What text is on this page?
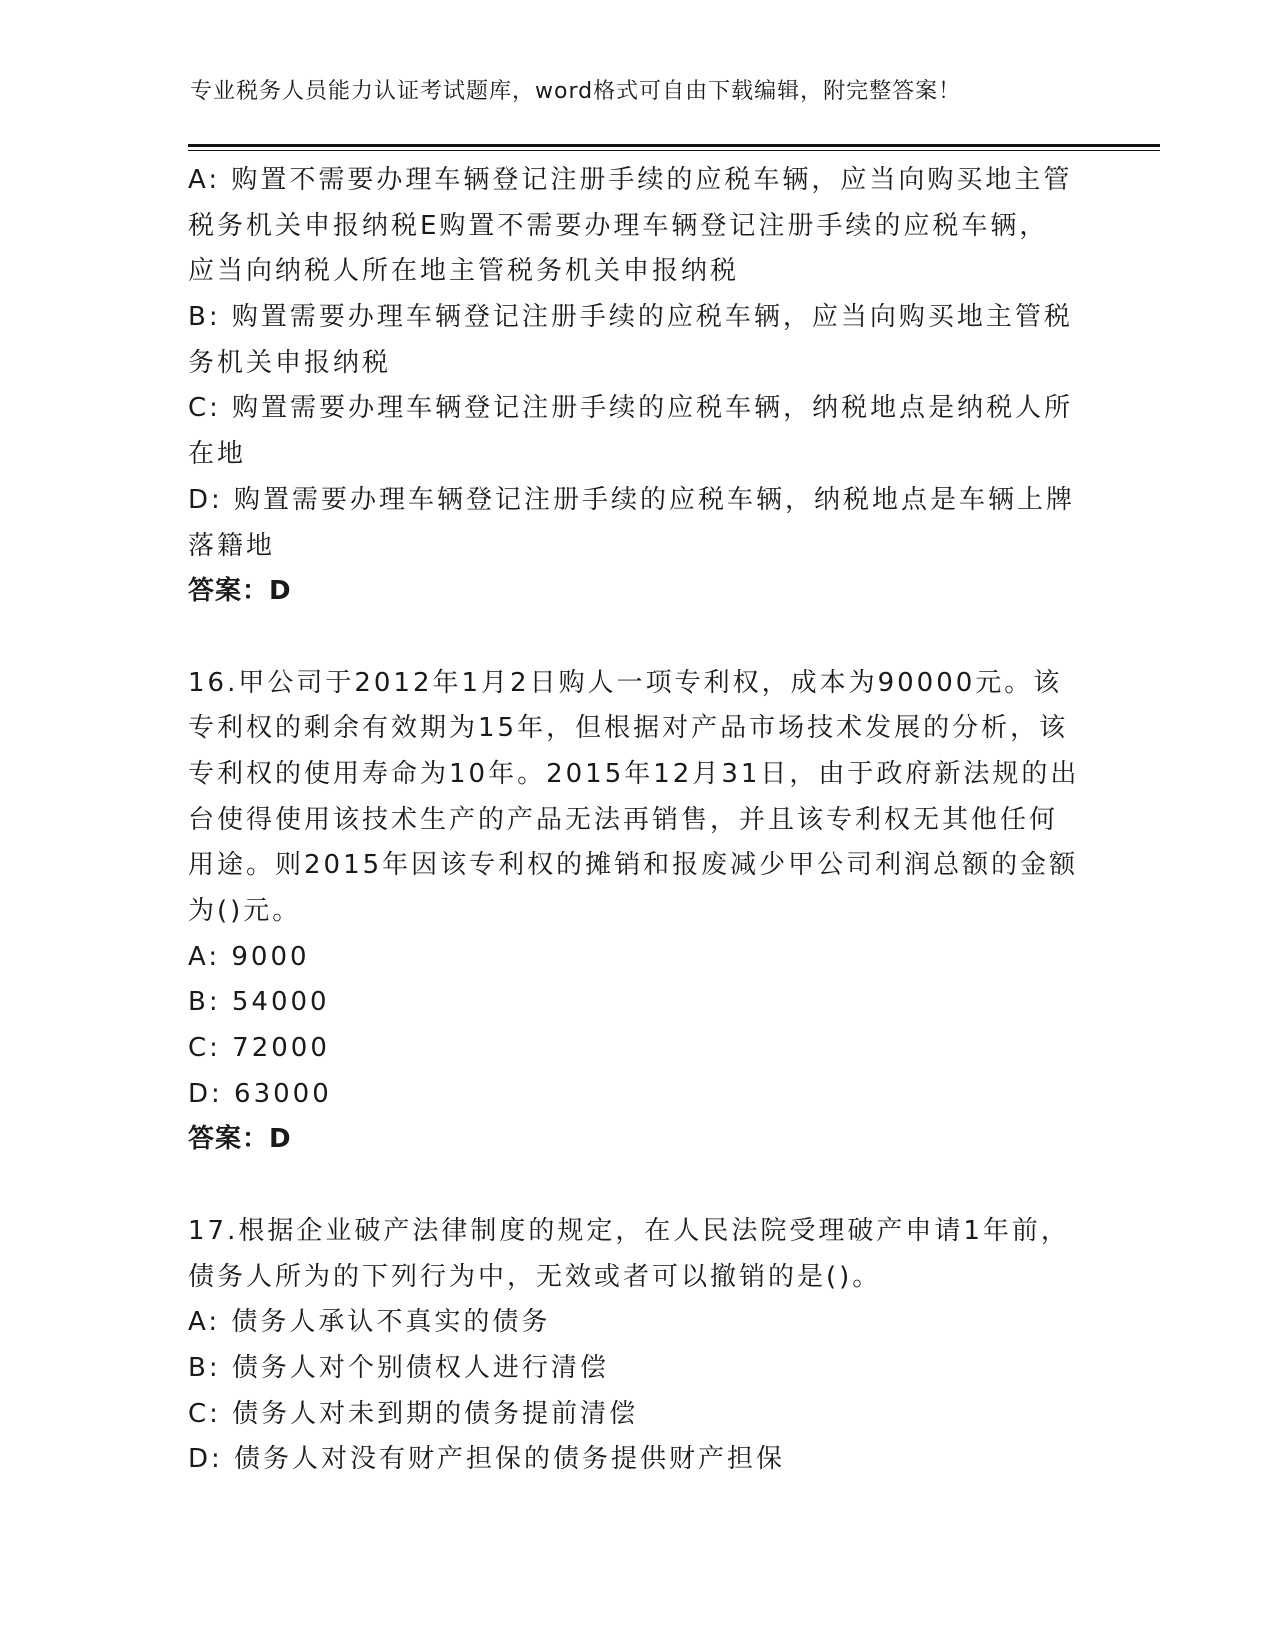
专业税务人员能力认证考试题库，word格式可自由下载编辑，附完整答案！
A: 购置不需要办理车辆登记注册手续的应税车辆，应当向购买地主管
税务机关申报纳税E购置不需要办理车辆登记注册手续的应税车辆，
应当向纳税人所在地主管税务机关申报纳税
B: 购置需要办理车辆登记注册手续的应税车辆，应当向购买地主管税
务机关申报纳税
C: 购置需要办理车辆登记注册手续的应税车辆，纳税地点是纳税人所
在地
D: 购置需要办理车辆登记注册手续的应税车辆，纳税地点是车辆上牌
落籍地
答案：D
16.甲公司于2012年1月2日购人一项专利权，成本为90000元。该
专利权的剩余有效期为15年，但根据对产品市场技术发展的分析，该
专利权的使用寿命为10年。2015年12月31日，由于政府新法规的出
台使得使用该技术生产的产品无法再销售，并且该专利权无其他任何
用途。则2015年因该专利权的摊销和报废减少甲公司利润总额的金额
为()元。
A: 9000
B: 54000
C: 72000
D: 63000
答案：D
17.根据企业破产法律制度的规定，在人民法院受理破产申请1年前，
债务人所为的下列行为中，无效或者可以撤销的是()。
A: 债务人承认不真实的债务
B: 债务人对个别债权人进行清偿
C: 债务人对未到期的债务提前清偿
D: 债务人对没有财产担保的债务提供财产担保
